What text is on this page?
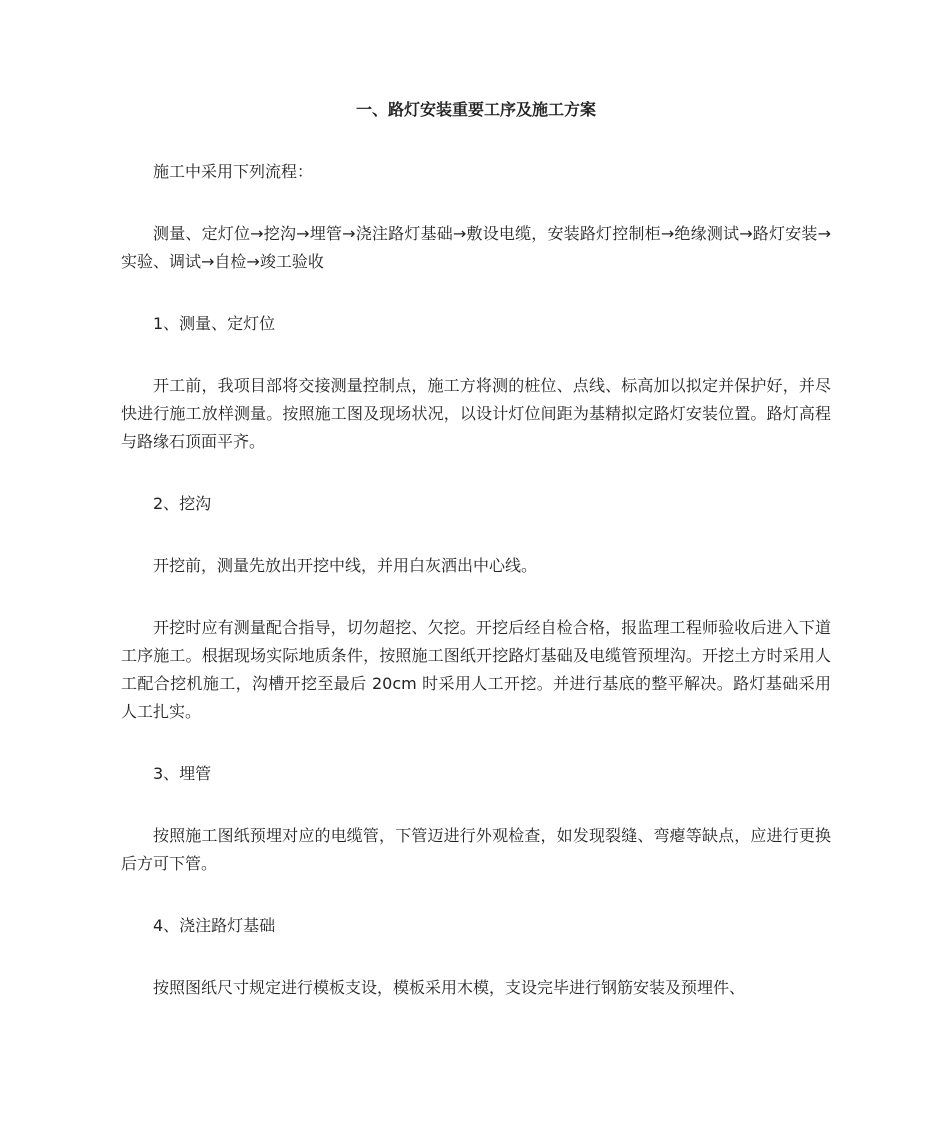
一、路灯安装重要工序及施工方案

施工中采用下列流程：

测量、定灯位→挖沟→埋管→浇注路灯基础→敷设电缆，安装路灯控制柜→绝缘测试→路灯安装→实验、调试→自检→竣工验收

1、测量、定灯位

开工前，我项目部将交接测量控制点，施工方将测的桩位、点线、标高加以拟定并保护好，并尽快进行施工放样测量。按照施工图及现场状况，以设计灯位间距为基精拟定路灯安装位置。路灯高程与路缘石顶面平齐。

2、挖沟

开挖前，测量先放出开挖中线，并用白灰洒出中心线。

开挖时应有测量配合指导，切勿超挖、欠挖。开挖后经自检合格，报监理工程师验收后进入下道工序施工。根据现场实际地质条件，按照施工图纸开挖路灯基础及电缆管预埋沟。开挖土方时采用人工配合挖机施工，沟槽开挖至最后 20cm 时采用人工开挖。并进行基底的整平解决。路灯基础采用人工扎实。

3、埋管

按照施工图纸预埋对应的电缆管，下管迈进行外观检查，如发现裂缝、弯瘪等缺点，应进行更换后方可下管。

4、浇注路灯基础

按照图纸尺寸规定进行模板支设，模板采用木模，支设完毕进行钢筋安装及预埋件、
